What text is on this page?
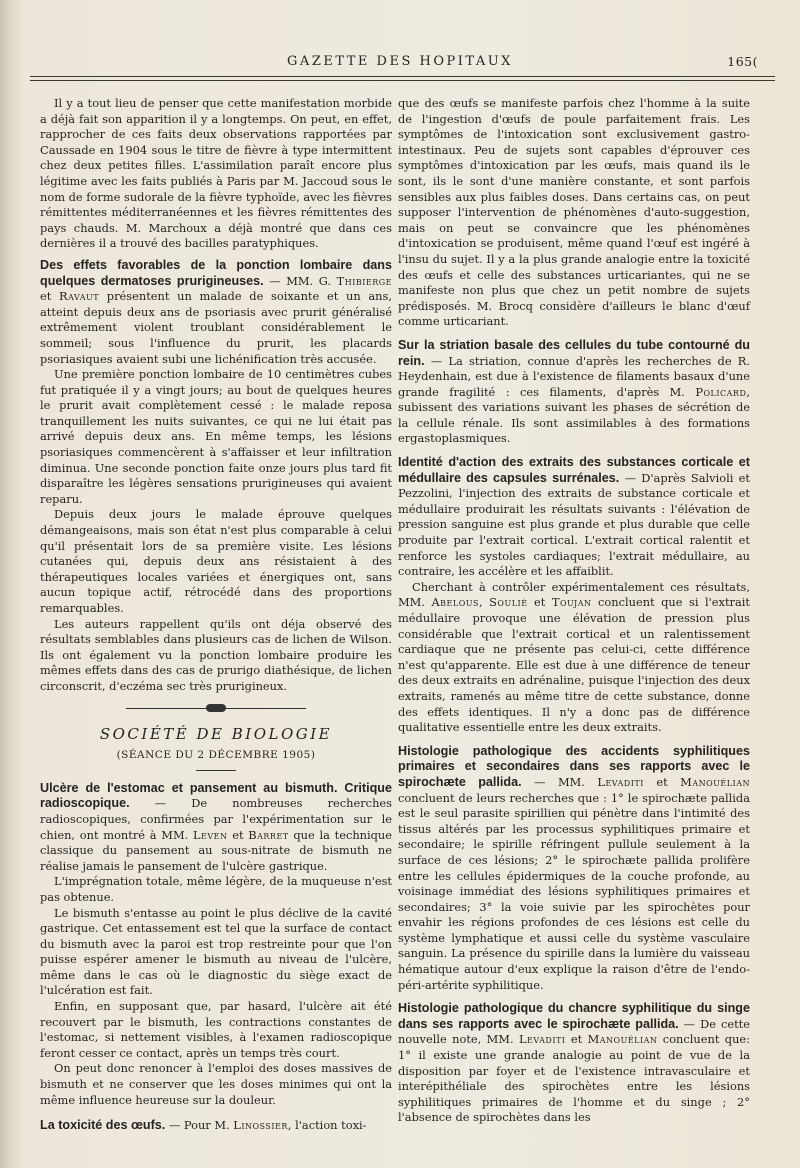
GAZETTE DES HOPITAUX	165(

Il y a tout lieu de penser que cette manifestation morbide a déjà fait son apparition il y a longtemps. On peut, en effet, rapprocher de ces faits deux observations rapportées par Caussade en 1904 sous le titre de fièvre à type intermittent chez deux petites filles. L'assimilation paraît encore plus légitime avec les faits publiés à Paris par M. Jaccoud sous le nom de forme sudorale de la fièvre typhoïde, avec les fièvres rémittentes méditerranéennes et les fièvres rémittentes des pays chauds. M. Marchoux a déjà montré que dans ces dernières il a trouvé des bacilles paratyphiques.

Des effets favorables de la ponction lombaire dans quelques dermatoses prurigineuses. — MM. G. Thibierge et Ravaut présentent un malade de soixante et un ans, atteint depuis deux ans de psoriasis avec prurit généralisé extrêmement violent troublant considérablement le sommeil; sous l'influence du prurit, les placards psoriasiques avaient subi une lichénification très accusée.

Une première ponction lombaire de 10 centimètres cubes fut pratiquée il y a vingt jours; au bout de quelques heures le prurit avait complètement cessé : le malade reposa tranquillement les nuits suivantes, ce qui ne lui était pas arrivé depuis deux ans. En même temps, les lésions psoriasiques commencèrent à s'affaisser et leur infiltration diminua. Une seconde ponction faite onze jours plus tard fit disparaître les légères sensations prurigineuses qui avaient reparu.

Depuis deux jours le malade éprouve quelques démangeaisons, mais son état n'est plus comparable à celui qu'il présentait lors de sa première visite. Les lésions cutanées qui, depuis deux ans résistaient à des thérapeutiques locales variées et énergiques ont, sans aucun topique actif, rétrocédé dans des proportions remarquables.

Les auteurs rappellent qu'ils ont déja observé des résultats semblables dans plusieurs cas de lichen de Wilson. Ils ont également vu la ponction lombaire produire les mêmes effets dans des cas de prurigo diathésique, de lichen circonscrit, d'eczéma sec très prurigineux.

SOCIÉTÉ DE BIOLOGIE
(SÉANCE DU 2 DÉCEMBRE 1905)
Ulcère de l'estomac et pansement au bismuth. Critique radioscopique. — De nombreuses recherches radioscopiques, confirmées par l'expérimentation sur le chien, ont montré à MM. Leven et Barret que la technique classique du pansement au sous-nitrate de bismuth ne réalise jamais le pansement de l'ulcère gastrique.

L'imprégnation totale, même légère, de la muqueuse n'est pas obtenue.

Le bismuth s'entasse au point le plus déclive de la cavité gastrique. Cet entassement est tel que la surface de contact du bismuth avec la paroi est trop restreinte pour que l'on puisse espérer amener le bismuth au niveau de l'ulcère, même dans le cas où le diagnostic du siège exact de l'ulcération est fait.

Enfin, en supposant que, par hasard, l'ulcère ait été recouvert par le bismuth, les contractions constantes de l'estomac, si nettement visibles, à l'examen radioscopique feront cesser ce contact, après un temps très court.

On peut donc renoncer à l'emploi des doses massives de bismuth et ne conserver que les doses minimes qui ont la même influence heureuse sur la douleur.

La toxicité des œufs. — Pour M. Linossier, l'action toxi-

que des œufs se manifeste parfois chez l'homme à la suite de l'ingestion d'œufs de poule parfaitement frais. Les symptômes de l'intoxication sont exclusivement gastro-intestinaux. Peu de sujets sont capables d'éprouver ces symptômes d'intoxication par les œufs, mais quand ils le sont, ils le sont d'une manière constante, et sont parfois sensibles aux plus faibles doses. Dans certains cas, on peut supposer l'intervention de phénomènes d'auto-suggestion, mais on peut se convaincre que les phénomènes d'intoxication se produisent, même quand l'œuf est ingéré à l'insu du sujet. Il y a la plus grande analogie entre la toxicité des œufs et celle des substances urticariantes, qui ne se manifeste non plus que chez un petit nombre de sujets prédisposés. M. Brocq considère d'ailleurs le blanc d'œuf comme urticariant.

Sur la striation basale des cellules du tube contourné du rein. — La striation, connue d'après les recherches de R. Heydenhain, est due à l'existence de filaments basaux d'une grande fragilité : ces filaments, d'après M. Policard, subissent des variations suivant les phases de sécrétion de la cellule rénale. Ils sont assimilables à des formations ergastoplasmiques.
Identité d'action des extraits des substances corticale et médullaire des capsules surrénales. — D'après Salvioli et Pezzolini, l'injection des extraits de substance corticale et médullaire produirait les résultats suivants : l'élévation de pression sanguine est plus grande et plus durable que celle produite par l'extrait cortical. L'extrait cortical ralentit et renforce les systoles cardiaques; l'extrait médullaire, au contraire, les accélère et les affaiblit.

Cherchant à contrôler expérimentalement ces résultats, MM. Abelous, Soulié et Toujan concluent que si l'extrait médullaire provoque une élévation de pression plus considérable que l'extrait cortical et un ralentissement cardiaque que ne présente pas celui-ci, cette différence n'est qu'apparente. Elle est due à une différence de teneur des deux extraits en adrénaline, puisque l'injection des deux extraits, ramenés au même titre de cette substance, donne des effets identiques. Il n'y a donc pas de différence qualitative essentielle entre les deux extraits.

Histologie pathologique des accidents syphilitiques primaires et secondaires dans ses rapports avec le spirochæte pallida. — MM. Levaditi et Manouélian concluent de leurs recherches que : 1° le spirochæte pallida est le seul parasite spirillien qui pénètre dans l'intimité des tissus altérés par les processus syphilitiques primaire et secondaire; le spirille réfringent pullule seulement à la surface de ces lésions; 2° le spirochæte pallida prolifère entre les cellules épidermiques de la couche profonde, au voisinage immédiat des lésions syphilitiques primaires et secondaires; 3° la voie suivie par les spirochètes pour envahir les régions profondes de ces lésions est celle du système lymphatique et aussi celle du système vasculaire sanguin. La présence du spirille dans la lumière du vaisseau hématique autour d'eux explique la raison d'être de l'endo-péri-artérite syphilitique.
Histologie pathologique du chancre syphilitique du singe dans ses rapports avec le spirochæte pallida. — De cette nouvelle note, MM. Levaditi et Manouélian concluent que: 1° il existe une grande analogie au point de vue de la disposition par foyer et de l'existence intravasculaire et interépithéliale des spirochètes entre les lésions syphilitiques primaires de l'homme et du singe ; 2° l'absence de spirochètes dans les
